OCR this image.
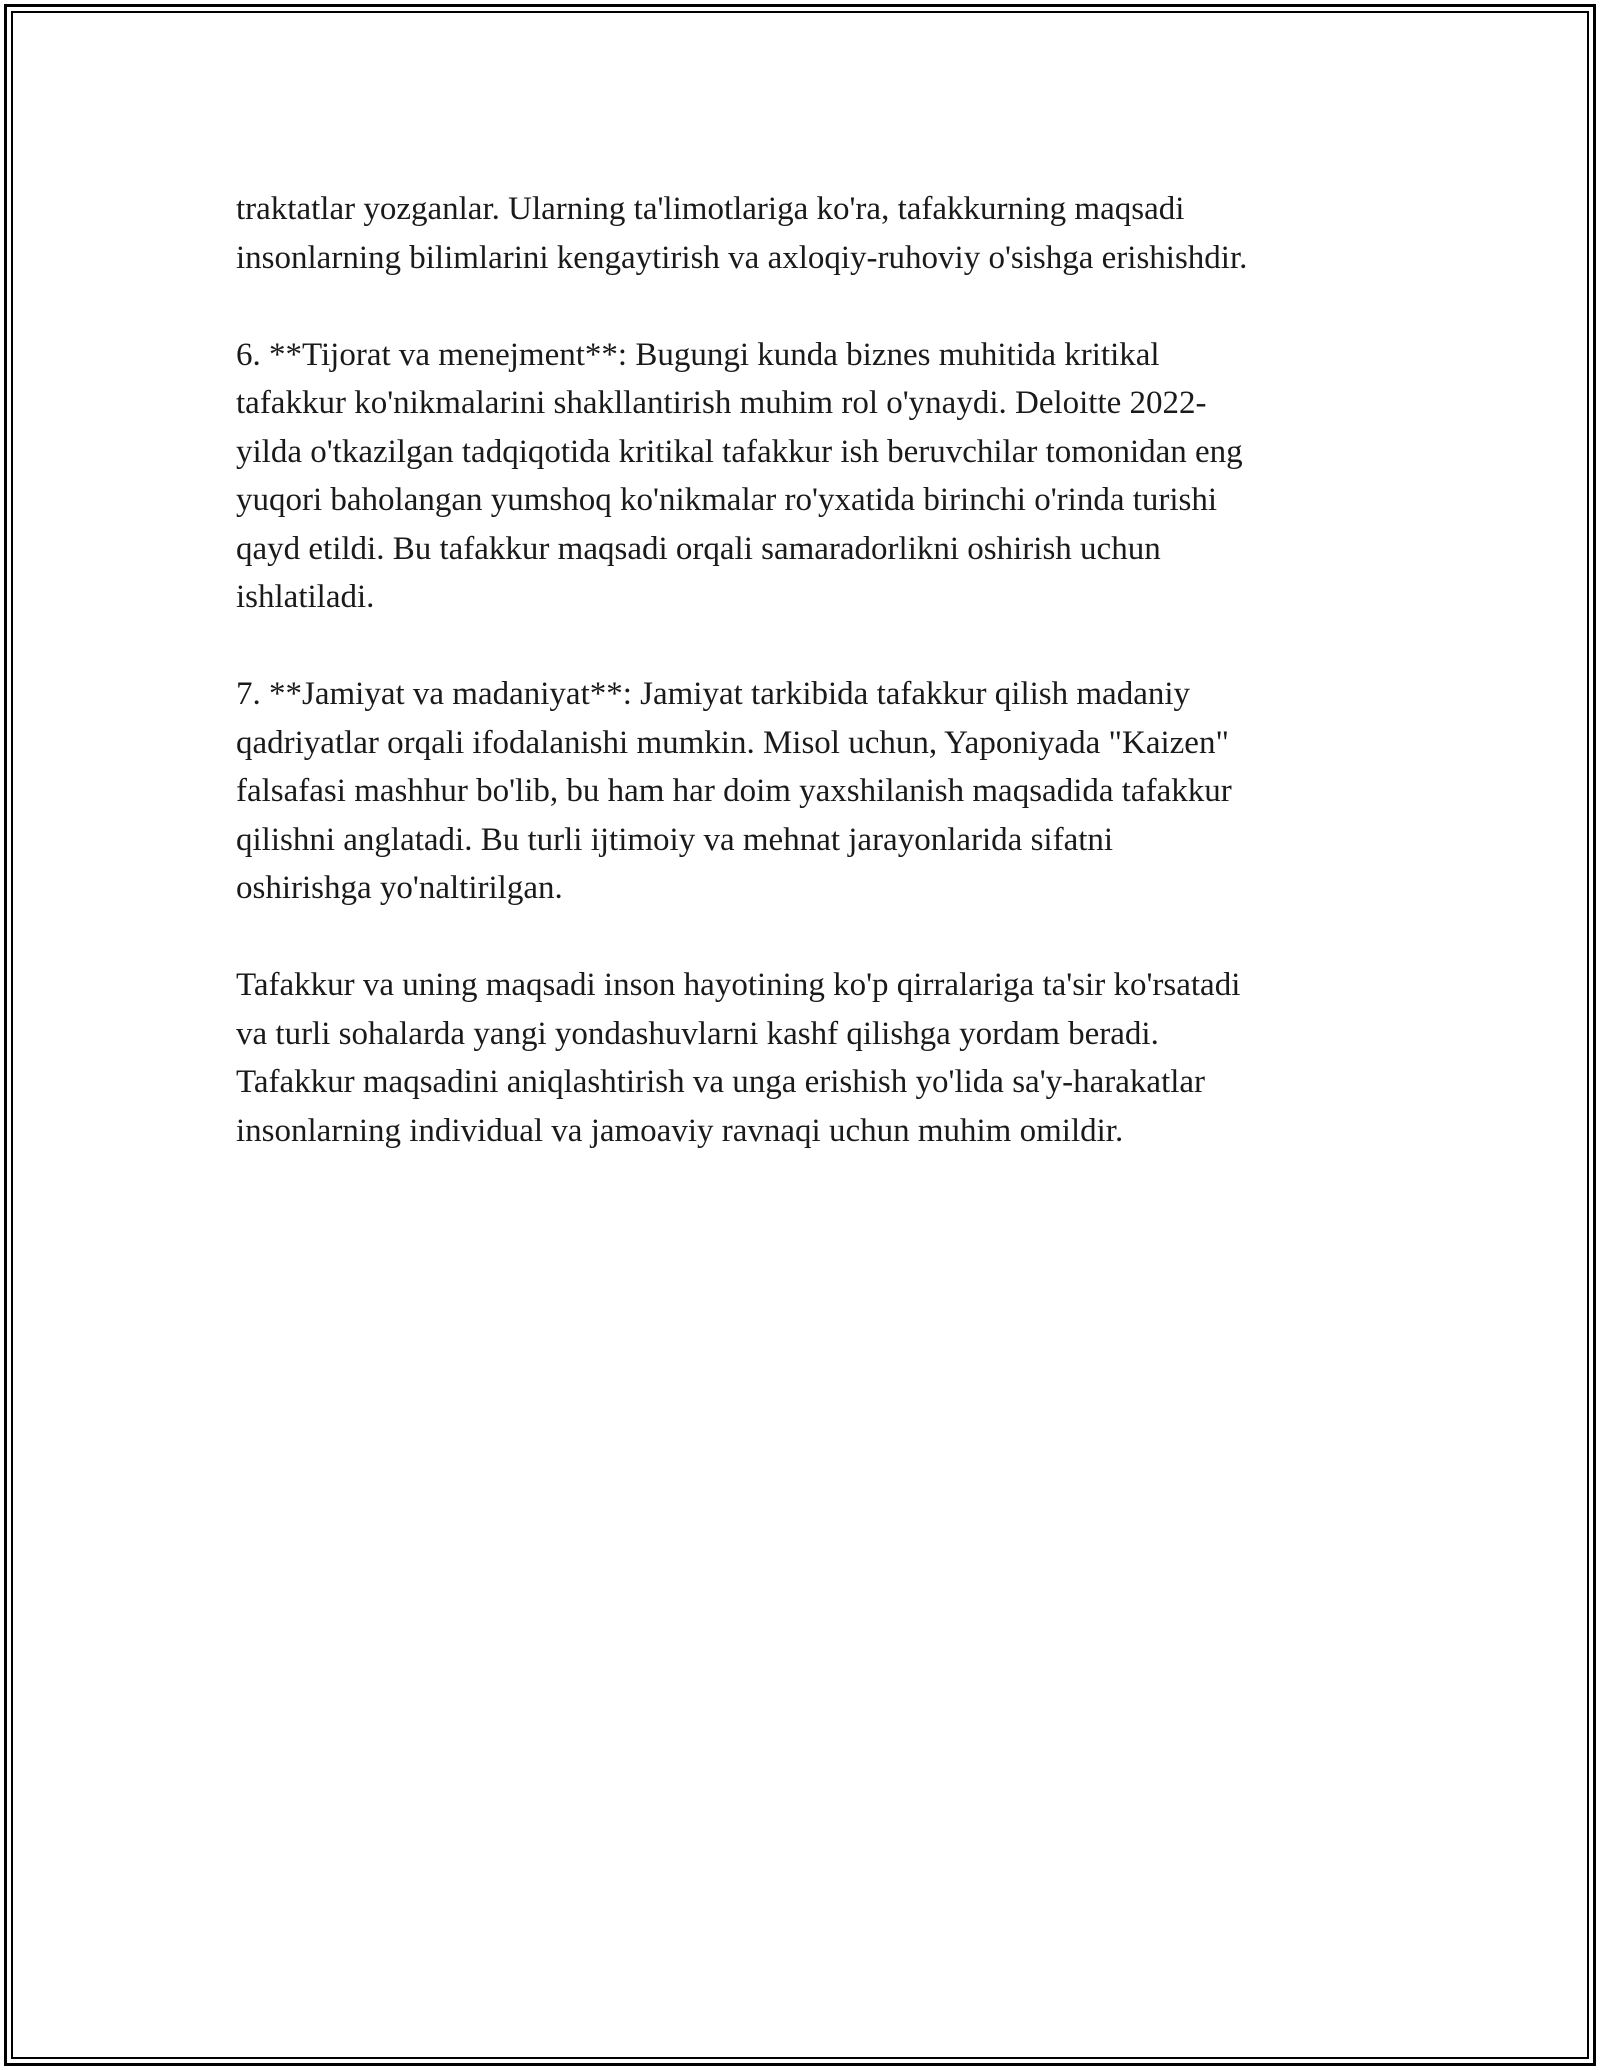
traktatlar yozganlar. Ularning ta'limotlariga ko'ra, tafakkurning maqsadi
insonlarning bilimlarini kengaytirish va axloqiy-ruhoviy o'sishga erishishdir.

6. **Tijorat va menejment**: Bugungi kunda biznes muhitida kritikal
tafakkur ko'nikmalarini shakllantirish muhim rol o'ynaydi. Deloitte 2022-
yilda o'tkazilgan tadqiqotida kritikal tafakkur ish beruvchilar tomonidan eng
yuqori baholangan yumshoq ko'nikmalar ro'yxatida birinchi o'rinda turishi
qayd etildi. Bu tafakkur maqsadi orqali samaradorlikni oshirish uchun
ishlatiladi.

7. **Jamiyat va madaniyat**: Jamiyat tarkibida tafakkur qilish madaniy
qadriyatlar orqali ifodalanishi mumkin. Misol uchun, Yaponiyada "Kaizen"
falsafasi mashhur bo'lib, bu ham har doim yaxshilanish maqsadida tafakkur
qilishni anglatadi. Bu turli ijtimoiy va mehnat jarayonlarida sifatni
oshirishga yo'naltirilgan.

Tafakkur va uning maqsadi inson hayotining ko'p qirralariga ta'sir ko'rsatadi
va turli sohalarda yangi yondashuvlarni kashf qilishga yordam beradi.
Tafakkur maqsadini aniqlashtirish va unga erishish yo'lida sa'y-harakatlar
insonlarning individual va jamoaviy ravnaqi uchun muhim omildir.
